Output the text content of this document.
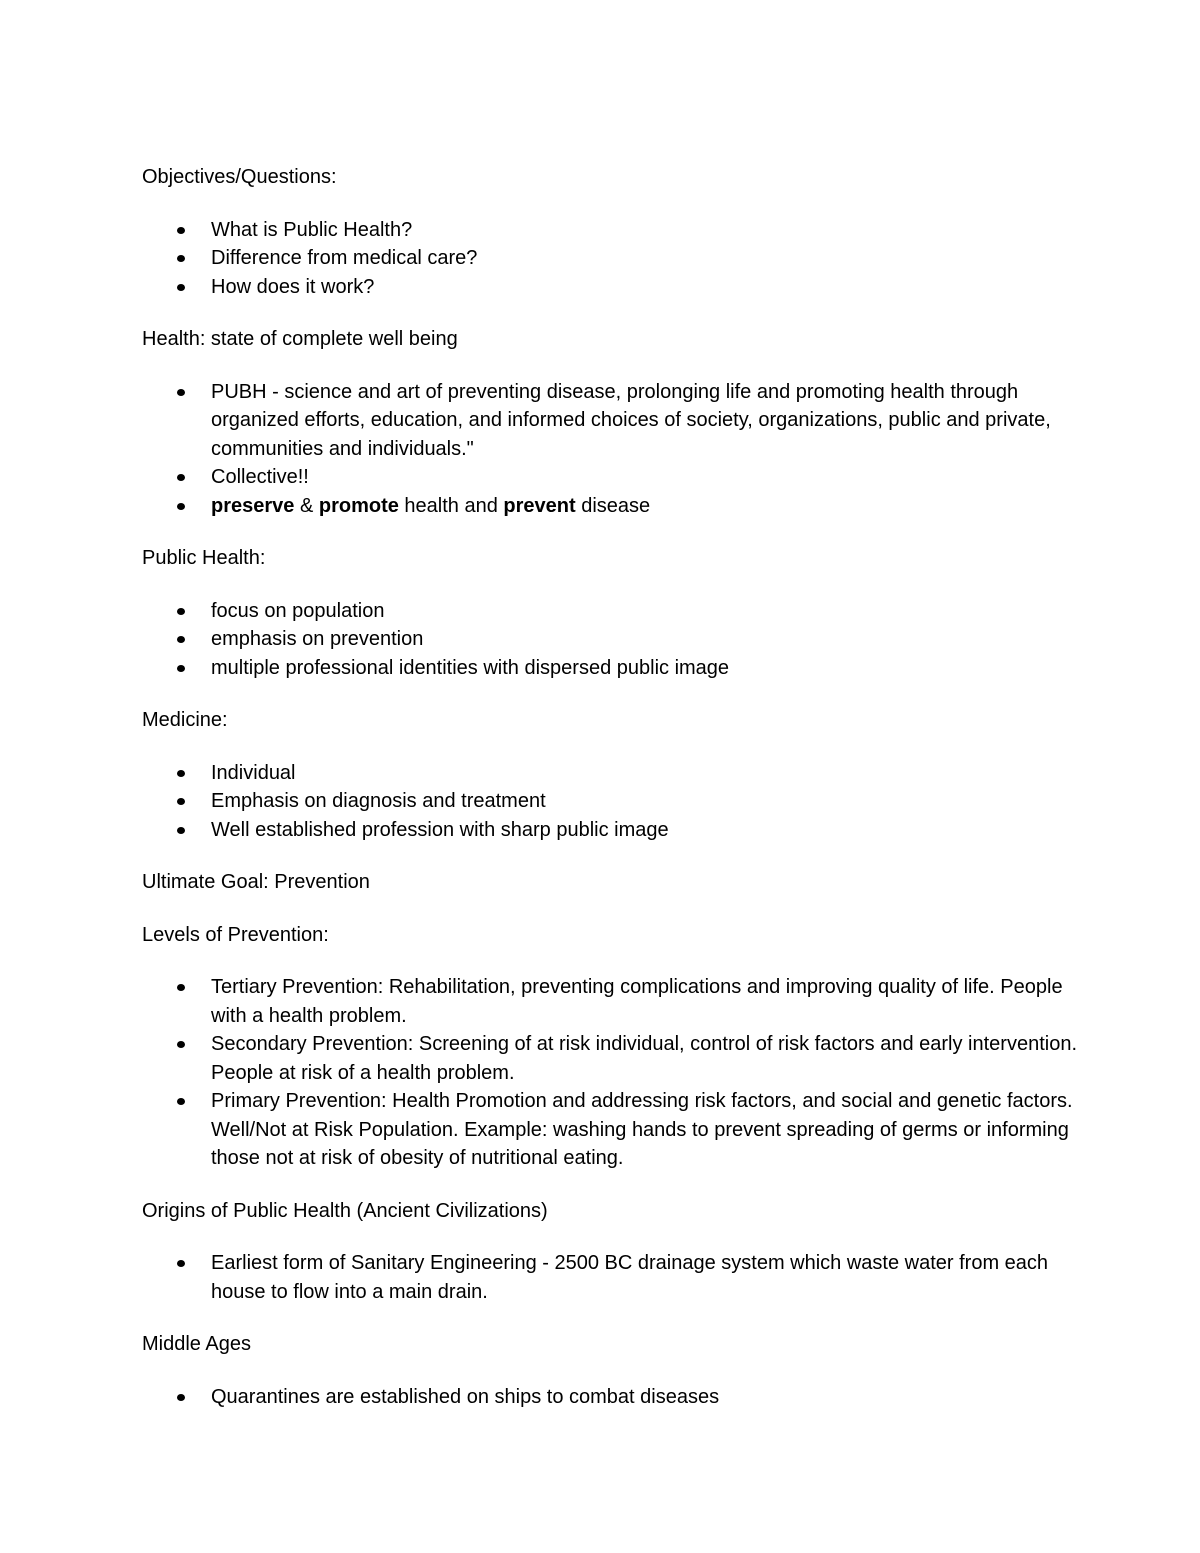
Objectives/Questions:

What is Public Health?
Difference from medical care?
How does it work?

Health: state of complete well being

PUBH - science and art of preventing disease, prolonging life and promoting health through organized efforts, education, and informed choices of society, organizations, public and private, communities and individuals."
Collective!!
preserve & promote health and prevent disease

Public Health:

focus on population
emphasis on prevention
multiple professional identities with dispersed public image

Medicine:

Individual
Emphasis on diagnosis and treatment
Well established profession with sharp public image

Ultimate Goal: Prevention

Levels of Prevention:

Tertiary Prevention: Rehabilitation, preventing complications and improving quality of life. People with a health problem.
Secondary Prevention: Screening of at risk individual, control of risk factors and early intervention. People at risk of a health problem.
Primary Prevention: Health Promotion and addressing risk factors, and social and genetic factors. Well/Not at Risk Population. Example: washing hands to prevent spreading of germs or informing those not at risk of obesity of nutritional eating.

Origins of Public Health (Ancient Civilizations)

Earliest form of Sanitary Engineering - 2500 BC drainage system which waste water from each house to flow into a main drain.

Middle Ages

Quarantines are established on ships to combat diseases
